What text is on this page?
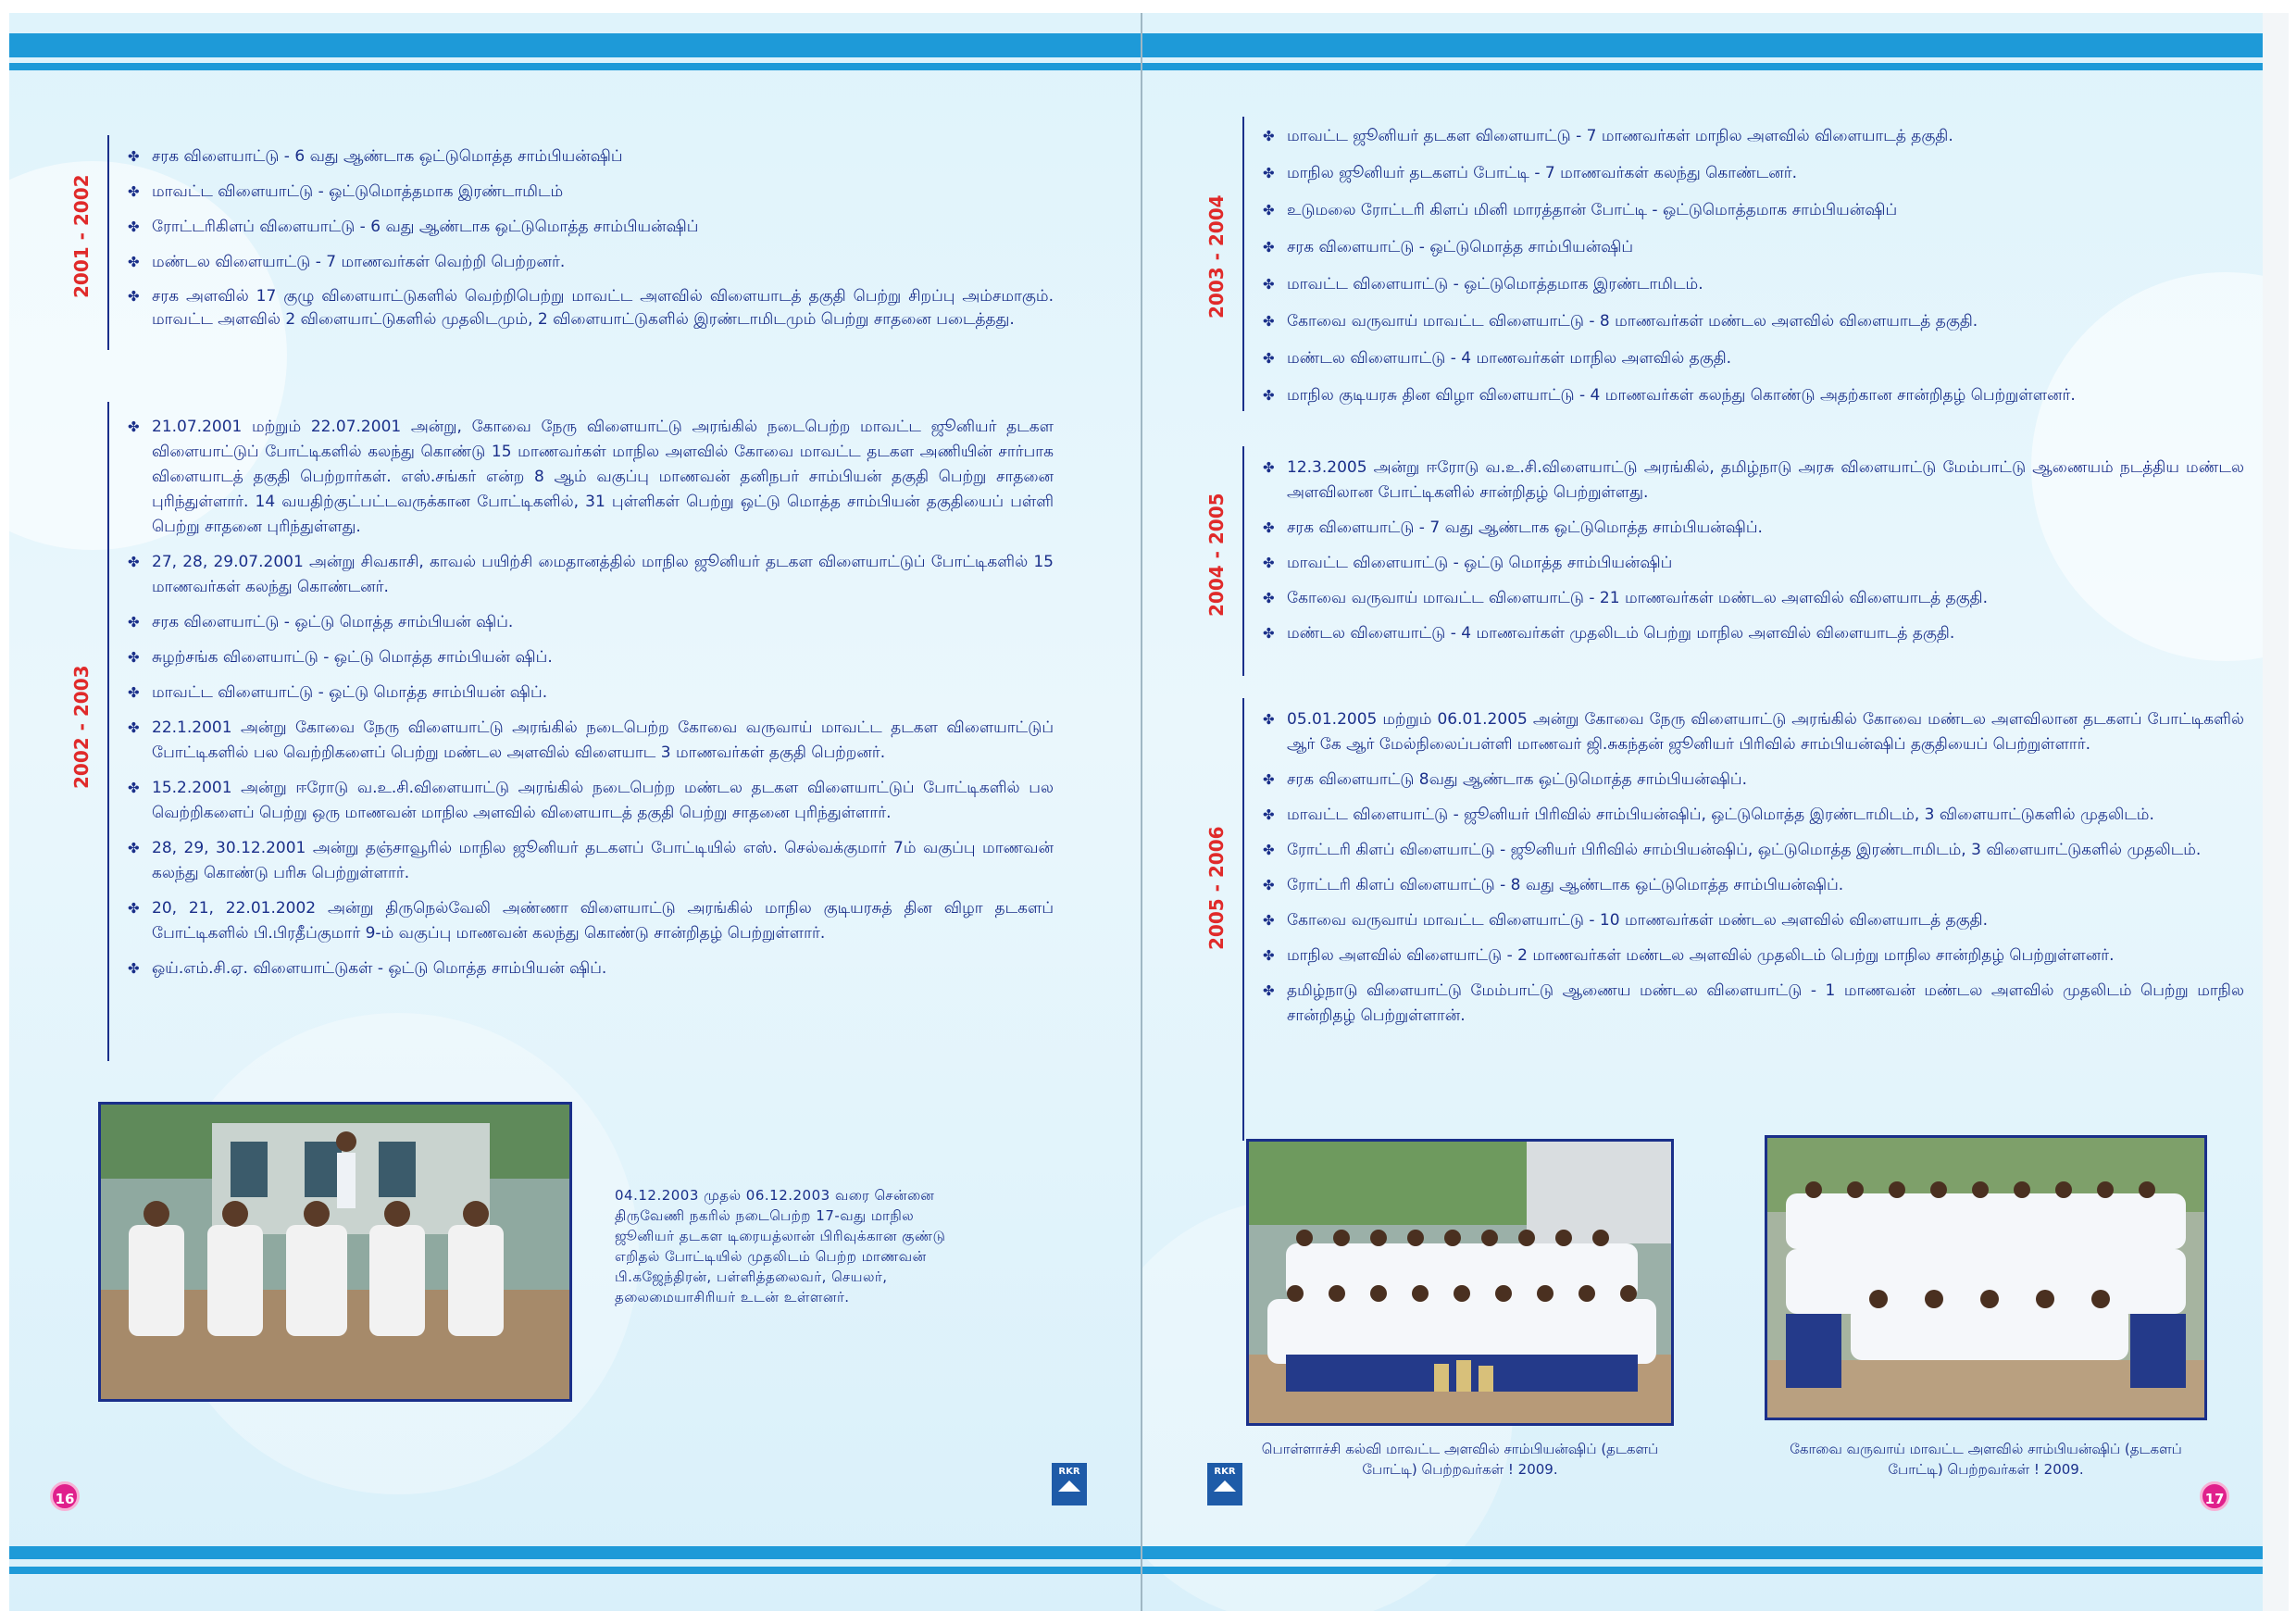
2001 - 2002
✤ சரக விளையாட்டு - 6 வது ஆண்டாக ஒட்டுமொத்த சாம்பியன்ஷிப்
✤ மாவட்ட விளையாட்டு - ஒட்டுமொத்தமாக இரண்டாமிடம்
✤ ரோட்டரிகிளப் விளையாட்டு - 6 வது ஆண்டாக ஒட்டுமொத்த சாம்பியன்ஷிப்
✤ மண்டல விளையாட்டு - 7 மாணவர்கள் வெற்றி பெற்றனர்.
✤ சரக அளவில் 17 குழு விளையாட்டுகளில் வெற்றிபெற்று மாவட்ட அளவில் விளையாடத் தகுதி பெற்று சிறப்பு அம்சமாகும். மாவட்ட அளவில் 2 விளையாட்டுகளில் முதலிடமும், 2 விளையாட்டுகளில் இரண்டாமிடமும் பெற்று சாதனை படைத்தது.
2002 - 2003
✤ 21.07.2001 மற்றும் 22.07.2001 அன்று, கோவை நேரு விளையாட்டு அரங்கில் நடைபெற்ற மாவட்ட ஜூனியர் தடகள விளையாட்டுப் போட்டிகளில் கலந்து கொண்டு 15 மாணவர்கள் மாநில அளவில் கோவை மாவட்ட தடகள அணியின் சார்பாக விளையாடத் தகுதி பெற்றார்கள். எஸ்.சங்கர் என்ற 8 ஆம் வகுப்பு மாணவன் தனிநபர் சாம்பியன் தகுதி பெற்று சாதனை புரிந்துள்ளார். 14 வயதிற்குட்பட்டவருக்கான போட்டிகளில், 31 புள்ளிகள் பெற்று ஒட்டு மொத்த சாம்பியன் தகுதியைப் பள்ளி பெற்று சாதனை புரிந்துள்ளது.
✤ 27, 28, 29.07.2001 அன்று சிவகாசி, காவல் பயிற்சி மைதானத்தில் மாநில ஜூனியர் தடகள விளையாட்டுப் போட்டிகளில் 15 மாணவர்கள் கலந்து கொண்டனர்.
✤ சரக விளையாட்டு - ஒட்டு மொத்த சாம்பியன் ஷிப்.
✤ சுழற்சங்க விளையாட்டு - ஒட்டு மொத்த சாம்பியன் ஷிப்.
✤ மாவட்ட விளையாட்டு - ஒட்டு மொத்த சாம்பியன் ஷிப்.
✤ 22.1.2001 அன்று கோவை நேரு விளையாட்டு அரங்கில் நடைபெற்ற கோவை வருவாய் மாவட்ட தடகள விளையாட்டுப் போட்டிகளில் பல வெற்றிகளைப் பெற்று மண்டல அளவில் விளையாட 3 மாணவர்கள் தகுதி பெற்றனர்.
✤ 15.2.2001 அன்று ஈரோடு வ.உ.சி.விளையாட்டு அரங்கில் நடைபெற்ற மண்டல தடகள விளையாட்டுப் போட்டிகளில் பல வெற்றிகளைப் பெற்று ஒரு மாணவன் மாநில அளவில் விளையாடத் தகுதி பெற்று சாதனை புரிந்துள்ளார்.
✤ 28, 29, 30.12.2001 அன்று தஞ்சாவூரில் மாநில ஜூனியர் தடகளப் போட்டியில் எஸ். செல்வக்குமார் 7ம் வகுப்பு மாணவன் கலந்து கொண்டு பரிசு பெற்றுள்ளார்.
✤ 20, 21, 22.01.2002 அன்று திருநெல்வேலி அண்ணா விளையாட்டு அரங்கில் மாநில குடியரசுத் தின விழா தடகளப் போட்டிகளில் பி.பிரதீப்குமார் 9-ம் வகுப்பு மாணவன் கலந்து கொண்டு சான்றிதழ் பெற்றுள்ளார்.
✤ ஒய்.எம்.சி.ஏ. விளையாட்டுகள் - ஒட்டு மொத்த சாம்பியன் ஷிப்.
04.12.2003 முதல் 06.12.2003 வரை சென்னை திருவேணி நகரில் நடைபெற்ற 17-வது மாநில ஜூனியர் தடகள டிரையத்லான் பிரிவுக்கான குண்டு எறிதல் போட்டியில் முதலிடம் பெற்ற மாணவன் பி.கஜேந்திரன், பள்ளித்தலைவர், செயலர், தலைமையாசிரியர் உடன் உள்ளனர்.
16
RKR
2003 - 2004
✤ மாவட்ட ஜூனியர் தடகள விளையாட்டு - 7 மாணவர்கள் மாநில அளவில் விளையாடத் தகுதி.
✤ மாநில ஜூனியர் தடகளப் போட்டி - 7 மாணவர்கள் கலந்து கொண்டனர்.
✤ உடுமலை ரோட்டரி கிளப் மினி மாரத்தான் போட்டி - ஒட்டுமொத்தமாக சாம்பியன்ஷிப்
✤ சரக விளையாட்டு - ஒட்டுமொத்த சாம்பியன்ஷிப்
✤ மாவட்ட விளையாட்டு - ஒட்டுமொத்தமாக இரண்டாமிடம்.
✤ கோவை வருவாய் மாவட்ட விளையாட்டு - 8 மாணவர்கள் மண்டல அளவில் விளையாடத் தகுதி.
✤ மண்டல விளையாட்டு - 4 மாணவர்கள் மாநில அளவில் தகுதி.
✤ மாநில குடியரசு தின விழா விளையாட்டு - 4 மாணவர்கள் கலந்து கொண்டு அதற்கான சான்றிதழ் பெற்றுள்ளனர்.
2004 - 2005
✤ 12.3.2005 அன்று ஈரோடு வ.உ.சி.விளையாட்டு அரங்கில், தமிழ்நாடு அரசு விளையாட்டு மேம்பாட்டு ஆணையம் நடத்திய மண்டல அளவிலான போட்டிகளில் சான்றிதழ் பெற்றுள்ளது.
✤ சரக விளையாட்டு - 7 வது ஆண்டாக ஒட்டுமொத்த சாம்பியன்ஷிப்.
✤ மாவட்ட விளையாட்டு - ஒட்டு மொத்த சாம்பியன்ஷிப்
✤ கோவை வருவாய் மாவட்ட விளையாட்டு - 21 மாணவர்கள் மண்டல அளவில் விளையாடத் தகுதி.
✤ மண்டல விளையாட்டு - 4 மாணவர்கள் முதலிடம் பெற்று மாநில அளவில் விளையாடத் தகுதி.
2005 - 2006
✤ 05.01.2005 மற்றும் 06.01.2005 அன்று கோவை நேரு விளையாட்டு அரங்கில் கோவை மண்டல அளவிலான தடகளப் போட்டிகளில் ஆர் கே ஆர் மேல்நிலைப்பள்ளி மாணவர் ஜி.சுகந்தன் ஜூனியர் பிரிவில் சாம்பியன்ஷிப் தகுதியைப் பெற்றுள்ளார்.
✤ சரக விளையாட்டு 8வது ஆண்டாக ஒட்டுமொத்த சாம்பியன்ஷிப்.
✤ மாவட்ட விளையாட்டு - ஜூனியர் பிரிவில் சாம்பியன்ஷிப், ஒட்டுமொத்த இரண்டாமிடம், 3 விளையாட்டுகளில் முதலிடம்.
✤ ரோட்டரி கிளப் விளையாட்டு - ஜூனியர் பிரிவில் சாம்பியன்ஷிப், ஒட்டுமொத்த இரண்டாமிடம், 3 விளையாட்டுகளில் முதலிடம்.
✤ ரோட்டரி கிளப் விளையாட்டு - 8 வது ஆண்டாக ஒட்டுமொத்த சாம்பியன்ஷிப்.
✤ கோவை வருவாய் மாவட்ட விளையாட்டு - 10 மாணவர்கள் மண்டல அளவில் விளையாடத் தகுதி.
✤ மாநில அளவில் விளையாட்டு - 2 மாணவர்கள் மண்டல அளவில் முதலிடம் பெற்று மாநில சான்றிதழ் பெற்றுள்ளனர்.
✤ தமிழ்நாடு விளையாட்டு மேம்பாட்டு ஆணைய மண்டல விளையாட்டு - 1 மாணவன் மண்டல அளவில் முதலிடம் பெற்று மாநில சான்றிதழ் பெற்றுள்ளான்.
பொள்ளாச்சி கல்வி மாவட்ட அளவில் சாம்பியன்ஷிப் (தடகளப் போட்டி) பெற்றவர்கள் ! 2009.
கோவை வருவாய் மாவட்ட அளவில் சாம்பியன்ஷிப் (தடகளப் போட்டி) பெற்றவர்கள் ! 2009.
RKR
17
